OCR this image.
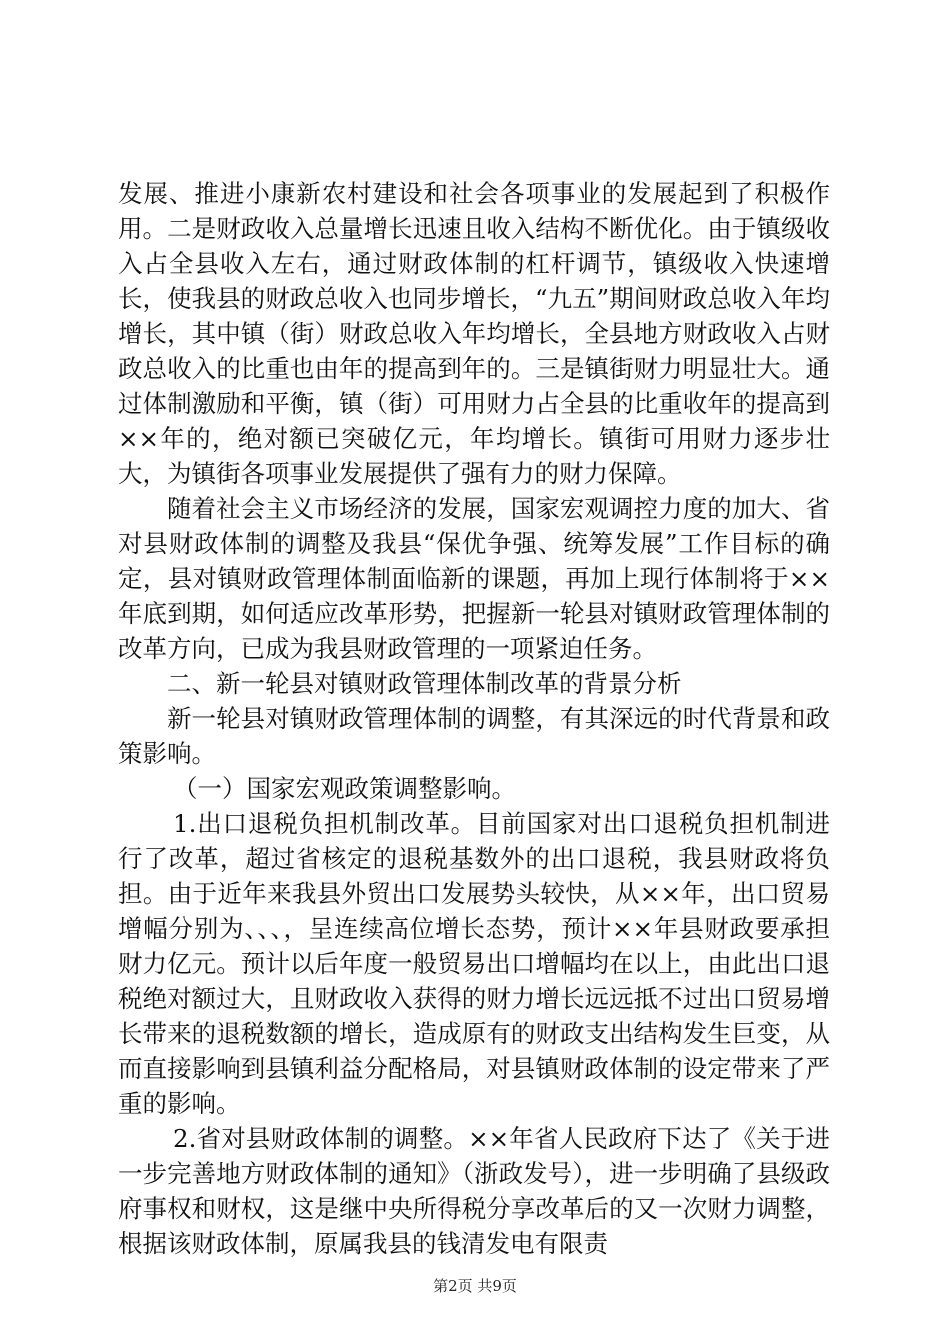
发展、推进小康新农村建设和社会各项事业的发展起到了积极作用。二是财政收入总量增长迅速且收入结构不断优化。由于镇级收入占全县收入左右，通过财政体制的杠杆调节，镇级收入快速增长，使我县的财政总收入也同步增长，“九五”期间财政总收入年均增长，其中镇（街）财政总收入年均增长，全县地方财政收入占财政总收入的比重也由年的提高到年的。三是镇街财力明显壮大。通过体制激励和平衡，镇（街）可用财力占全县的比重收年的提高到××年的，绝对额已突破亿元，年均增长。镇街可用财力逐步壮大，为镇街各项事业发展提供了强有力的财力保障。

随着社会主义市场经济的发展，国家宏观调控力度的加大、省对县财政体制的调整及我县“保优争强、统筹发展”工作目标的确定，县对镇财政管理体制面临新的课题，再加上现行体制将于××年底到期，如何适应改革形势，把握新一轮县对镇财政管理体制的改革方向，已成为我县财政管理的一项紧迫任务。

二、新一轮县对镇财政管理体制改革的背景分析

新一轮县对镇财政管理体制的调整，有其深远的时代背景和政策影响。

（一）国家宏观政策调整影响。

1.出口退税负担机制改革。目前国家对出口退税负担机制进行了改革，超过省核定的退税基数外的出口退税，我县财政将负担。由于近年来我县外贸出口发展势头较快，从××年，出口贸易增幅分别为、、、，呈连续高位增长态势，预计××年县财政要承担财力亿元。预计以后年度一般贸易出口增幅均在以上，由此出口退税绝对额过大，且财政收入获得的财力增长远远抵不过出口贸易增长带来的退税数额的增长，造成原有的财政支出结构发生巨变，从而直接影响到县镇利益分配格局，对县镇财政体制的设定带来了严重的影响。

2.省对县财政体制的调整。××年省人民政府下达了《关于进一步完善地方财政体制的通知》（浙政发号），进一步明确了县级政府事权和财权，这是继中央所得税分享改革后的又一次财力调整，根据该财政体制，原属我县的钱清发电有限责

第2页 共9页
